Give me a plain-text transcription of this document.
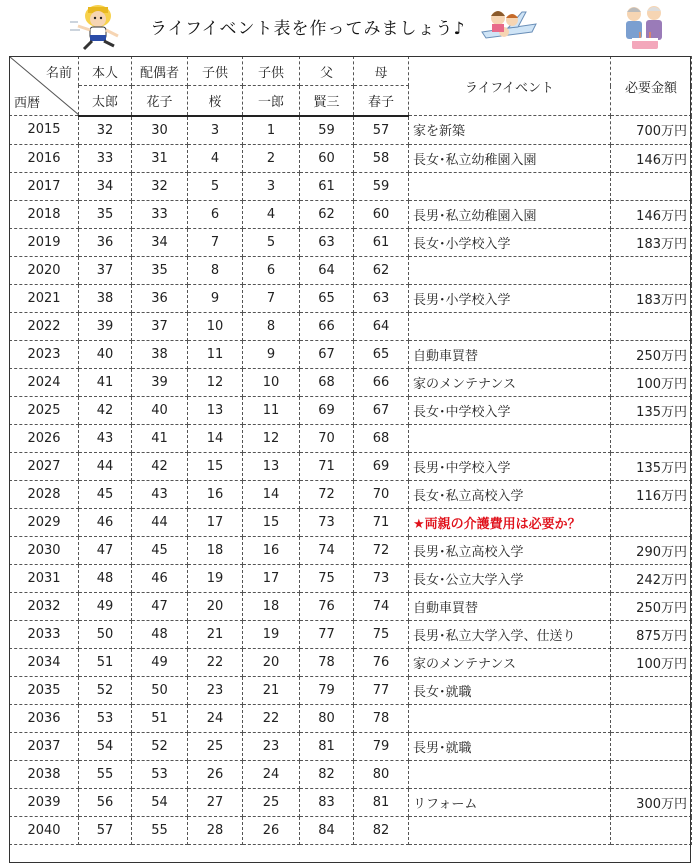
ライフイベント表を作ってみましょう♪
名前
西暦	本人	配偶者	子供	子供	父	母	ライフイベント	必要金額
	太郎	花子	桜	一郎	賢三	春子		
2015	32	30	3	1	59	57	家を新築	700万円
2016	33	31	4	2	60	58	長女･私立幼稚園入園	146万円
2017	34	32	5	3	61	59		
2018	35	33	6	4	62	60	長男･私立幼稚園入園	146万円
2019	36	34	7	5	63	61	長女･小学校入学	183万円
2020	37	35	8	6	64	62		
2021	38	36	9	7	65	63	長男･小学校入学	183万円
2022	39	37	10	8	66	64		
2023	40	38	11	9	67	65	自動車買替	250万円
2024	41	39	12	10	68	66	家のメンテナンス	100万円
2025	42	40	13	11	69	67	長女･中学校入学	135万円
2026	43	41	14	12	70	68		
2027	44	42	15	13	71	69	長男･中学校入学	135万円
2028	45	43	16	14	72	70	長女･私立高校入学	116万円
2029	46	44	17	15	73	71	★両親の介護費用は必要か？	
2030	47	45	18	16	74	72	長男･私立高校入学	290万円
2031	48	46	19	17	75	73	長女･公立大学入学	242万円
2032	49	47	20	18	76	74	自動車買替	250万円
2033	50	48	21	19	77	75	長男･私立大学入学、仕送り	875万円
2034	51	49	22	20	78	76	家のメンテナンス	100万円
2035	52	50	23	21	79	77	長女･就職	
2036	53	51	24	22	80	78		
2037	54	52	25	23	81	79	長男･就職	
2038	55	53	26	24	82	80		
2039	56	54	27	25	83	81	リフォーム	300万円
2040	57	55	28	26	84	82		
